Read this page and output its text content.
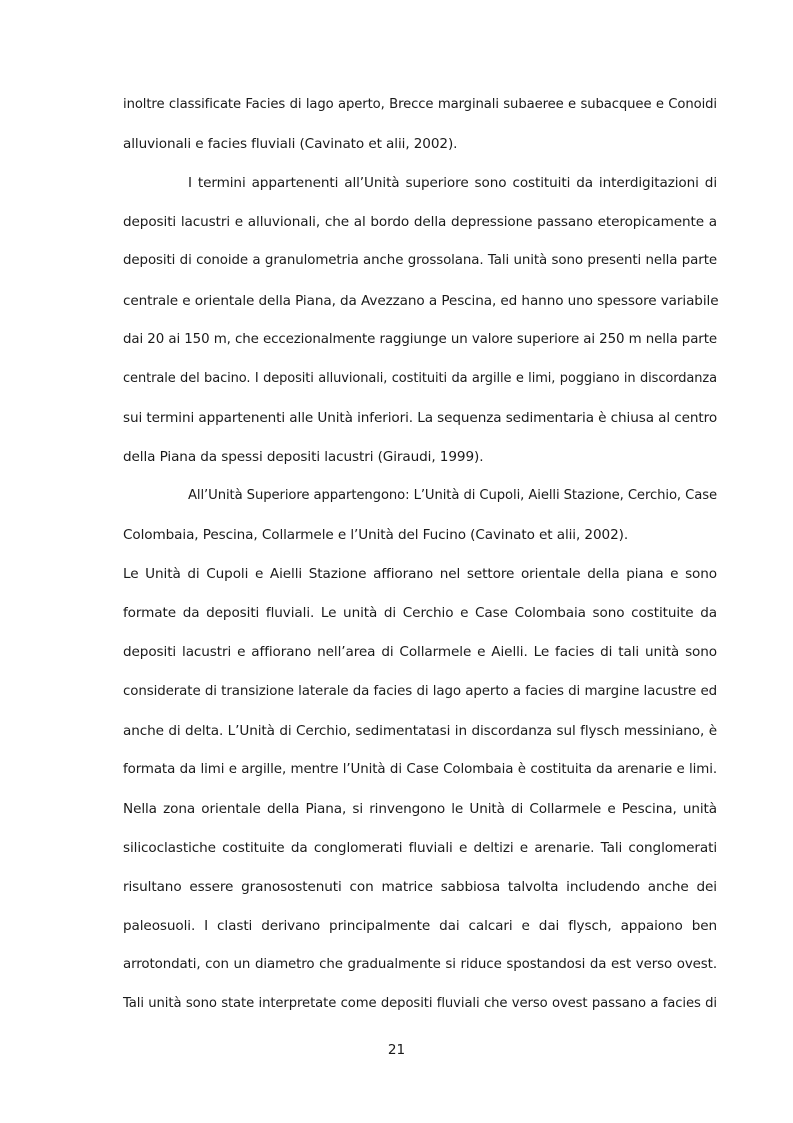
inoltre classificate Facies di lago aperto, Brecce marginali subaeree e subacquee e Conoidi
alluvionali e facies fluviali (Cavinato et alii, 2002).
I termini appartenenti all’Unità superiore sono costituiti da interdigitazioni di
depositi lacustri e alluvionali, che al bordo della depressione passano eteropicamente a
depositi di conoide a granulometria anche grossolana. Tali unità sono presenti nella parte
centrale e orientale della Piana, da Avezzano a Pescina, ed hanno uno spessore variabile
dai 20 ai 150 m, che eccezionalmente raggiunge un valore superiore ai 250 m nella parte
centrale del bacino. I depositi alluvionali, costituiti da argille e limi, poggiano in discordanza
sui termini appartenenti alle Unità inferiori. La sequenza sedimentaria è chiusa al centro
della Piana da spessi depositi lacustri (Giraudi, 1999).
All’Unità Superiore appartengono: L’Unità di Cupoli, Aielli Stazione, Cerchio, Case
Colombaia, Pescina, Collarmele e l’Unità del Fucino (Cavinato et alii, 2002).
Le Unità di Cupoli e Aielli Stazione affiorano nel settore orientale della piana e sono
formate da depositi fluviali. Le unità di Cerchio e Case Colombaia sono costituite da
depositi lacustri e affiorano nell’area di Collarmele e Aielli. Le facies di tali unità sono
considerate di transizione laterale da facies di lago aperto a facies di margine lacustre ed
anche di delta. L’Unità di Cerchio, sedimentatasi in discordanza sul flysch messiniano, è
formata da limi e argille, mentre l’Unità di Case Colombaia è costituita da arenarie e limi.
Nella zona orientale della Piana, si rinvengono le Unità di Collarmele e Pescina, unità
silicoclastiche costituite da conglomerati fluviali e deltizi e arenarie. Tali conglomerati
risultano essere granosostenuti con matrice sabbiosa talvolta includendo anche dei
paleosuoli. I clasti derivano principalmente dai calcari e dai flysch, appaiono ben
arrotondati, con un diametro che gradualmente si riduce spostandosi da est verso ovest.
Tali unità sono state interpretate come depositi fluviali che verso ovest passano a facies di
21
